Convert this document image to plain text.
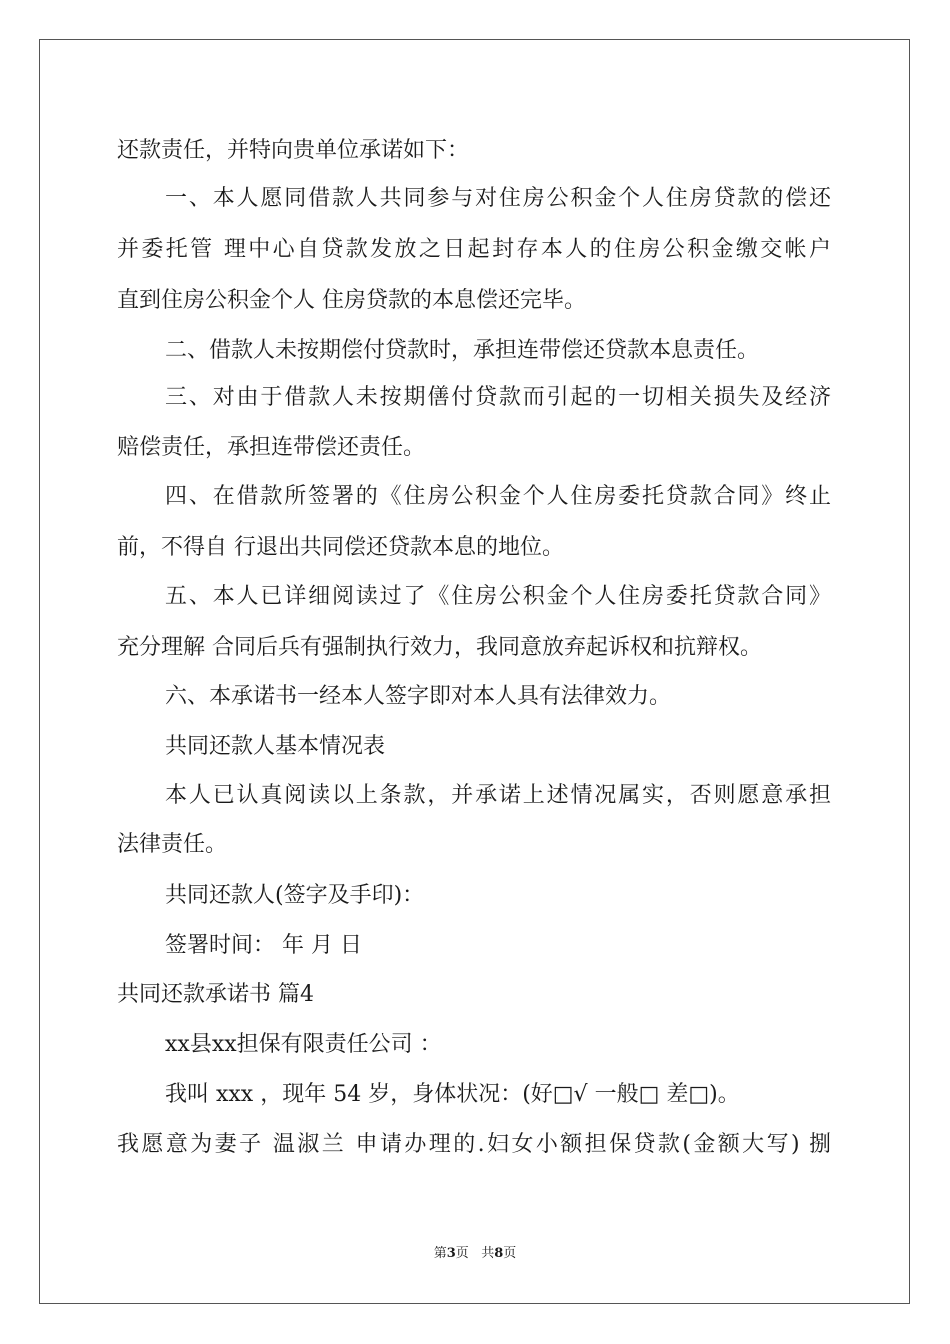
还款责任，并特向贵单位承诺如下：
一、本人愿同借款人共同参与对住房公积金个人住房贷款的偿还
并委托管 理中心自贷款发放之日起封存本人的住房公积金缴交帐户
直到住房公积金个人 住房贷款的本息偿还完毕。
二、借款人未按期偿付贷款时，承担连带偿还贷款本息责任。
三、对由于借款人未按期僐付贷款而引起的一切相关损失及经济
赔偿责任，承担连带偿还责任。
四、在借款所签署的《住房公积金个人住房委托贷款合同》终止
前，不得自 行退出共同偿还贷款本息的地位。
五、本人已详细阅读过了《住房公积金个人住房委托贷款合同》
充分理解 合同后兵有强制执行效力，我同意放弃起诉权和抗辩权。
六、本承诺书一经本人签字即对本人具有法律效力。
共同还款人基本情况表
本人已认真阅读以上条款，并承诺上述情况属实，否则愿意承担
法律责任。
共同还款人(签字及手印)：
签署时间： 年 月 日
共同还款承诺书 篇4
xx县xx担保有限责任公司 ：
我叫 xxx ，现年 54 岁，身体状况：(好□√ 一般□ 差□)。
我愿意为妻子 温淑兰 申请办理的.妇女小额担保贷款(金额大写) 捌
第3页 共8页
